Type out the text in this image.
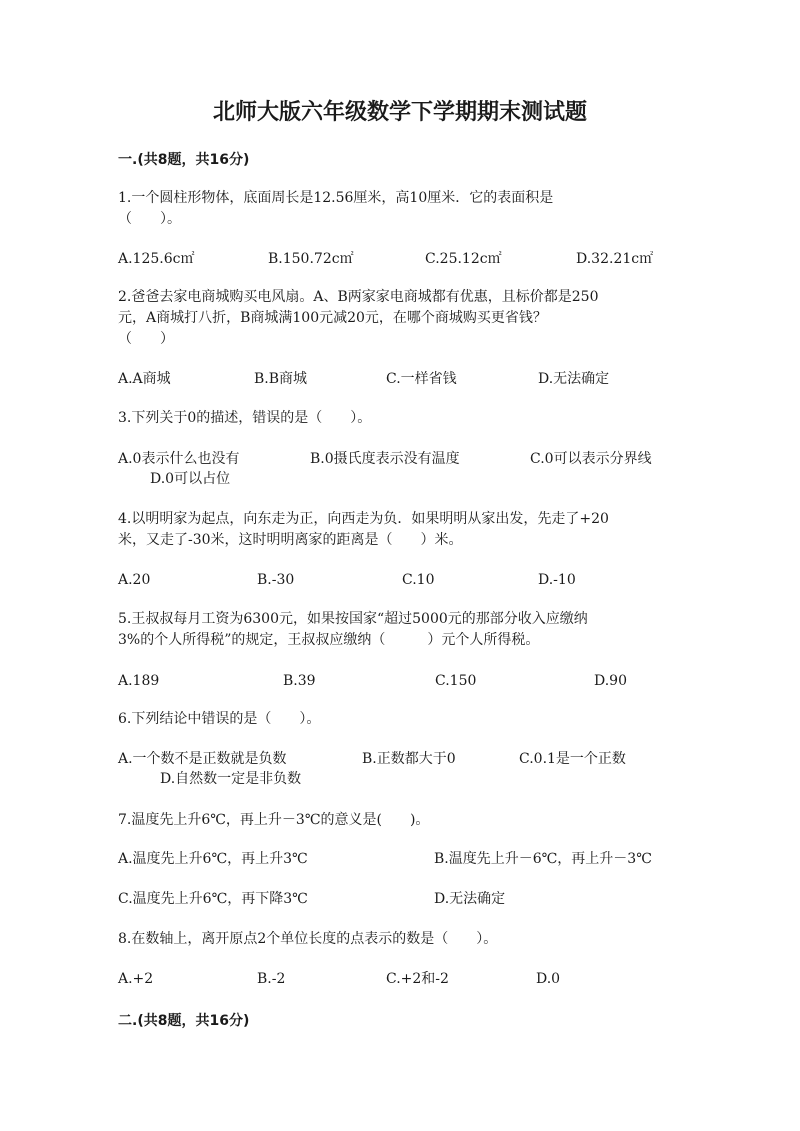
北师大版六年级数学下学期期末测试题
一.(共8题，共16分)

1.一个圆柱形物体，底面周长是12.56厘米，高10厘米．它的表面积是

（　　）。

A.125.6c㎡	B.150.72c㎡	C.25.12c㎡	D.32.21c㎡

2.爸爸去家电商城购买电风扇。A、B两家家电商城都有优惠，且标价都是250

元，A商城打八折，B商城满100元减20元，在哪个商城购买更省钱？

（　　）

A.A商城	B.B商城	C.一样省钱	D.无法确定

3.下列关于0的描述，错误的是（　　）。

A.0表示什么也没有	B.0摄氏度表示没有温度	C.0可以表示分界线
D.0可以占位

4.以明明家为起点，向东走为正，向西走为负．如果明明从家出发，先走了+20

米，又走了-30米，这时明明离家的距离是（　　）米。

A.20	B.-30	C.10	D.-10

5.王叔叔每月工资为6300元，如果按国家“超过5000元的那部分收入应缴纳

3%的个人所得税”的规定，王叔叔应缴纳（　　　）元个人所得税。

A.189	B.39	C.150	D.90

6.下列结论中错误的是（　　）。

A.一个数不是正数就是负数	B.正数都大于0	C.0.1是一个正数
D.自然数一定是非负数

7.温度先上升6℃，再上升－3℃的意义是(　　)。

A.温度先上升6℃，再上升3℃	B.温度先上升－6℃，再上升－3℃
C.温度先上升6℃，再下降3℃	D.无法确定

8.在数轴上，离开原点2个单位长度的点表示的数是（　　）。

A.+2	B.-2	C.+2和-2	D.0
二.(共8题，共16分)
